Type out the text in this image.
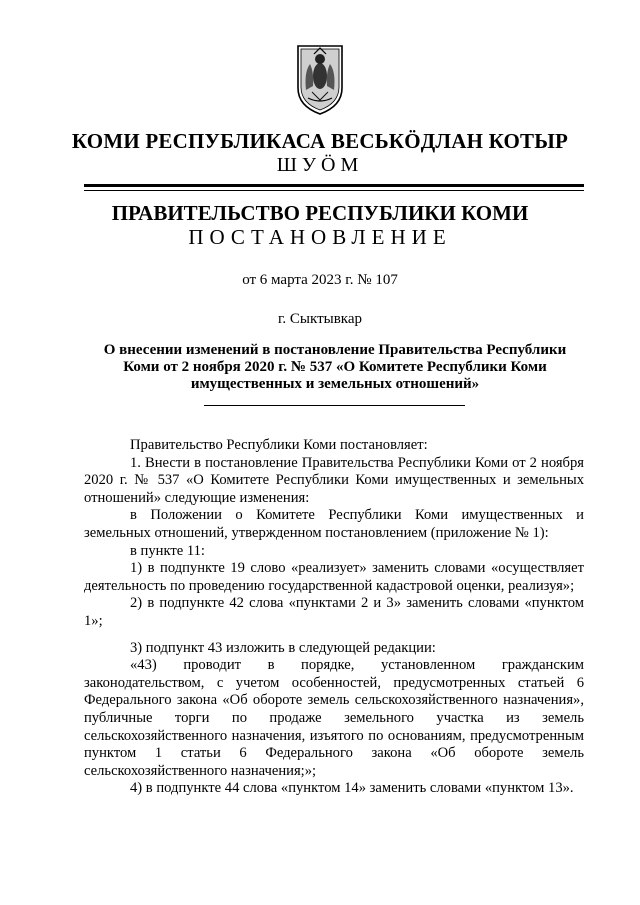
КОМИ РЕСПУБЛИКАСА ВЕСЬКӦДЛАН КОТЫР
ШУӦМ
ПРАВИТЕЛЬСТВО РЕСПУБЛИКИ КОМИ
ПОСТАНОВЛЕНИЕ
от 6 марта 2023 г. № 107
г. Сыктывкар
О внесении изменений в постановление Правительства Республики Коми от 2 ноября 2020 г. № 537 «О Комитете Республики Коми имущественных и земельных отношений»

Правительство Республики Коми постановляет:

1. Внести в постановление Правительства Республики Коми от 2 ноября 2020 г. № 537 «О Комитете Республики Коми имущественных и земельных отношений» следующие изменения:

в Положении о Комитете Республики Коми имущественных и земельных отношений, утвержденном постановлением (приложение № 1):

в пункте 11:

1) в подпункте 19 слово «реализует» заменить словами «осуществляет деятельность по проведению государственной кадастровой оценки, реализуя»;

2) в подпункте 42 слова «пунктами 2 и 3» заменить словами «пунктом 1»;

3) подпункт 43 изложить в следующей редакции:

«43) проводит в порядке, установленном гражданским законодательством, с учетом особенностей, предусмотренных статьей 6 Федерального закона «Об обороте земель сельскохозяйственного назначения», публичные торги по продаже земельного участка из земель сельскохозяйственного назначения, изъятого по основаниям, предусмотренным пунктом 1 статьи 6 Федерального закона «Об обороте земель сельскохозяйственного назначения;»;

4) в подпункте 44 слова «пунктом 14» заменить словами «пунктом 13».
